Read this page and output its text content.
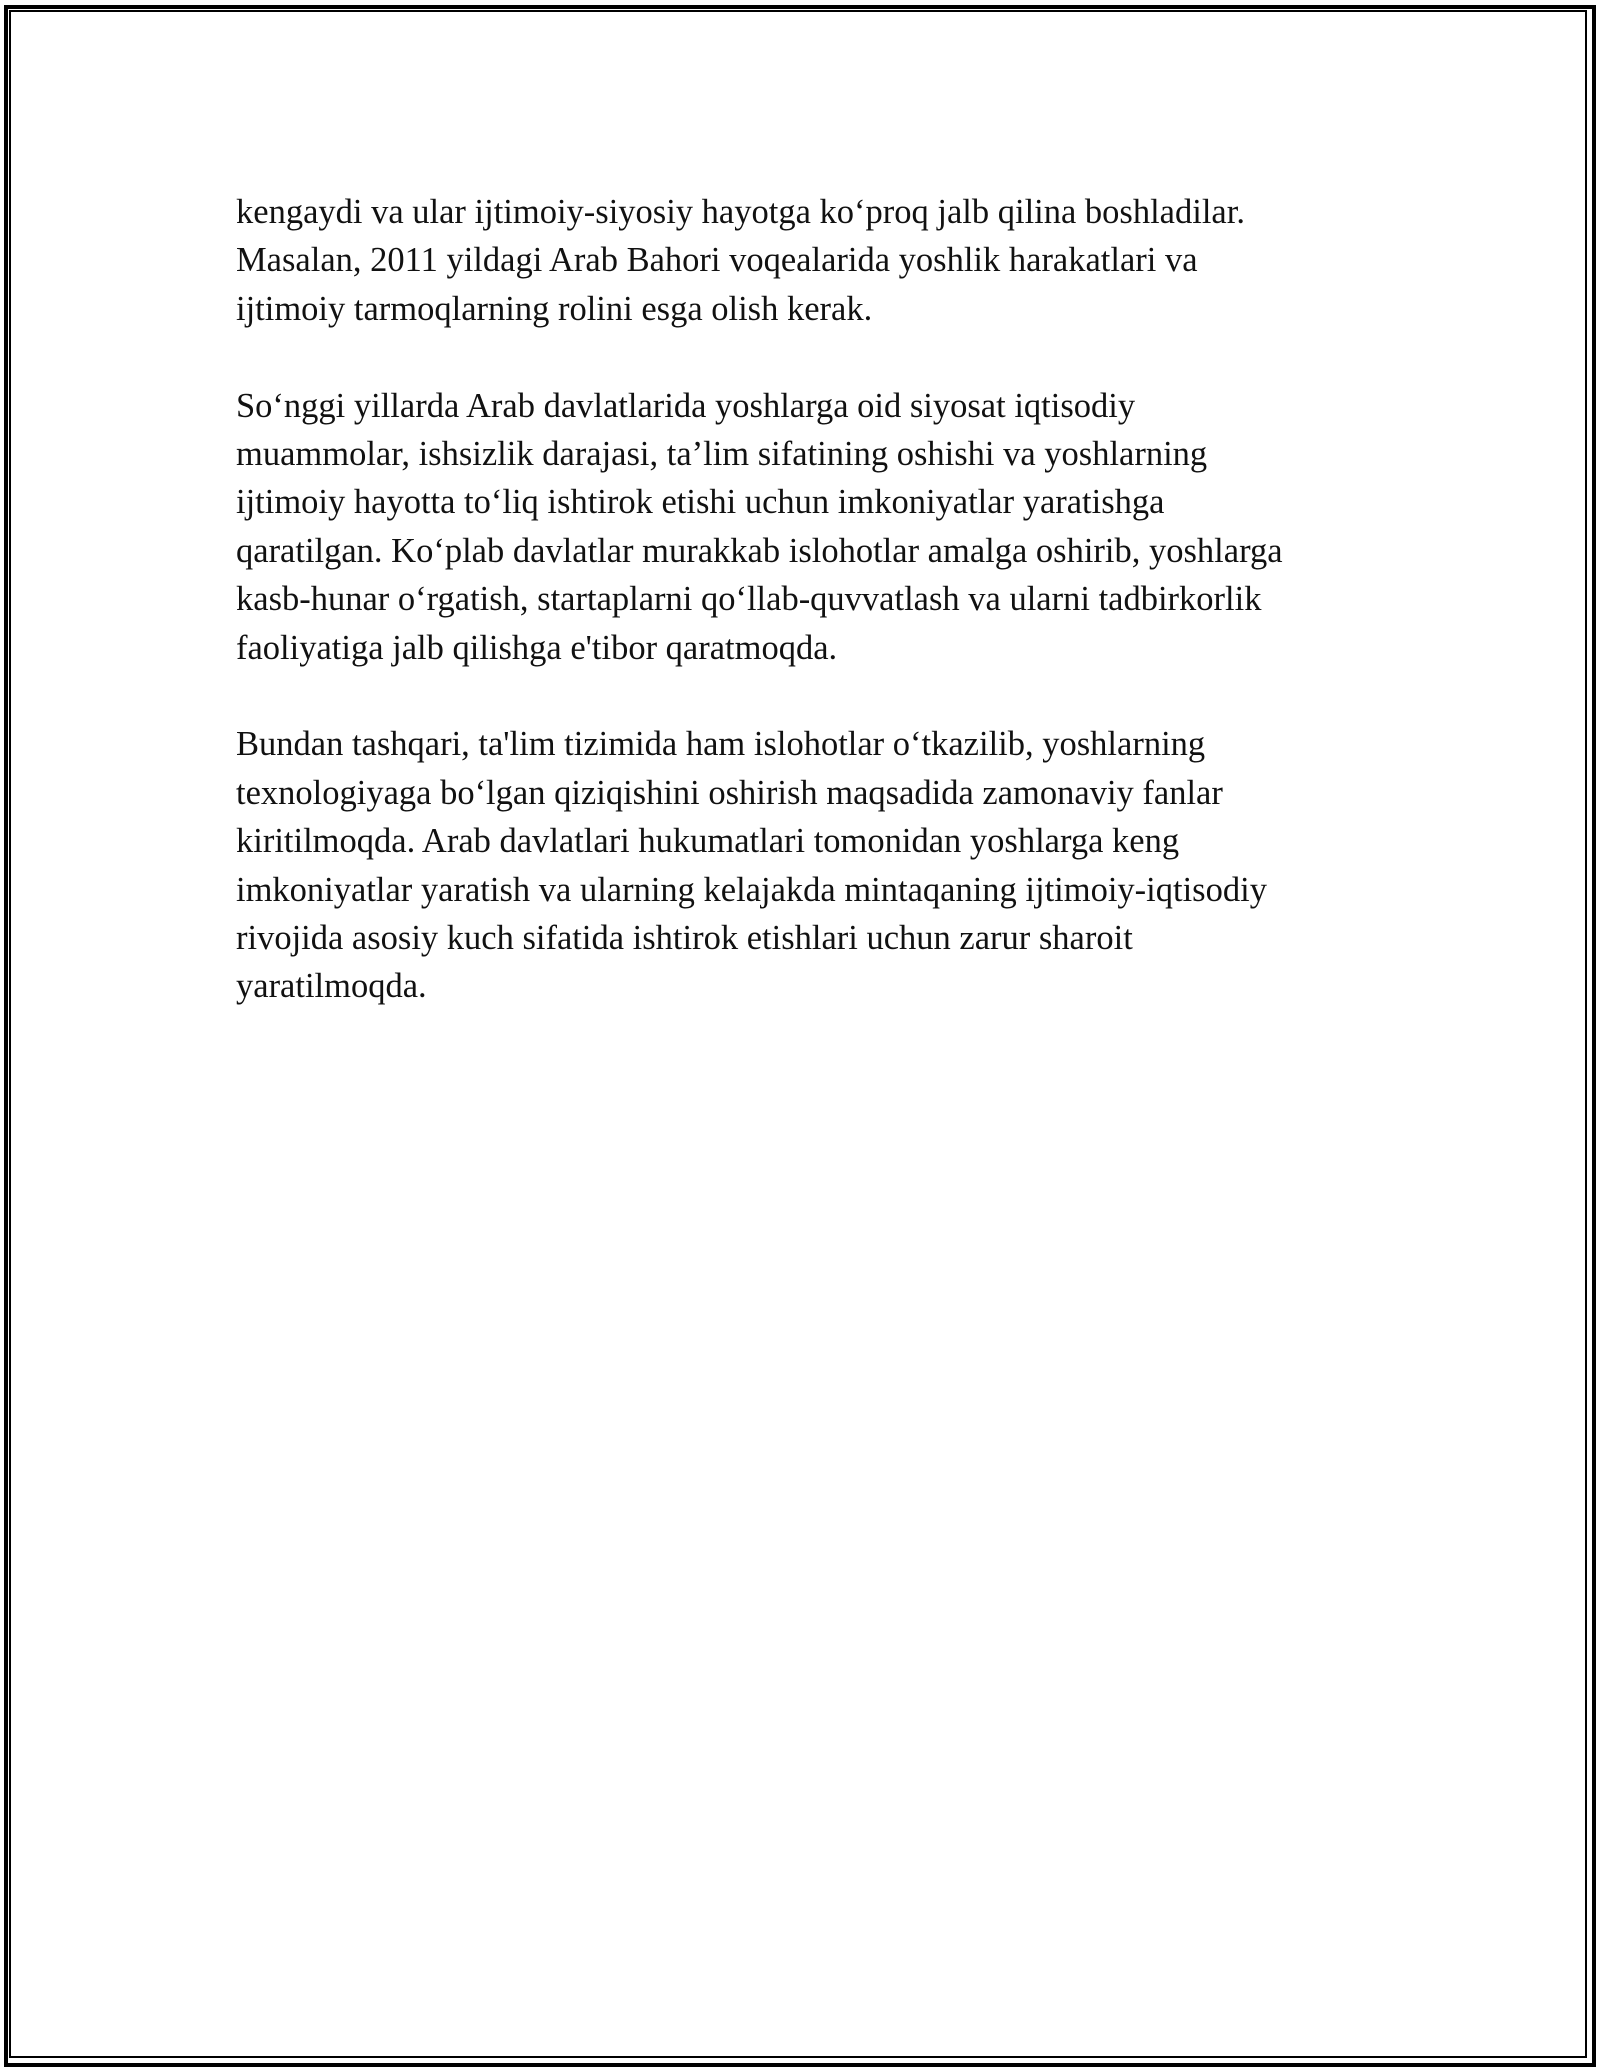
kengaydi va ular ijtimoiy-siyosiy hayotga ko‘proq jalb qilina boshladilar.
Masalan, 2011 yildagi Arab Bahori voqealarida yoshlik harakatlari va
ijtimoiy tarmoqlarning rolini esga olish kerak.

So‘nggi yillarda Arab davlatlarida yoshlarga oid siyosat iqtisodiy
muammolar, ishsizlik darajasi, ta’lim sifatining oshishi va yoshlarning
ijtimoiy hayotta to‘liq ishtirok etishi uchun imkoniyatlar yaratishga
qaratilgan. Ko‘plab davlatlar murakkab islohotlar amalga oshirib, yoshlarga
kasb-hunar o‘rgatish, startaplarni qo‘llab-quvvatlash va ularni tadbirkorlik
faoliyatiga jalb qilishga e'tibor qaratmoqda.

Bundan tashqari, ta'lim tizimida ham islohotlar o‘tkazilib, yoshlarning
texnologiyaga bo‘lgan qiziqishini oshirish maqsadida zamonaviy fanlar
kiritilmoqda. Arab davlatlari hukumatlari tomonidan yoshlarga keng
imkoniyatlar yaratish va ularning kelajakda mintaqaning ijtimoiy-iqtisodiy
rivojida asosiy kuch sifatida ishtirok etishlari uchun zarur sharoit
yaratilmoqda.
